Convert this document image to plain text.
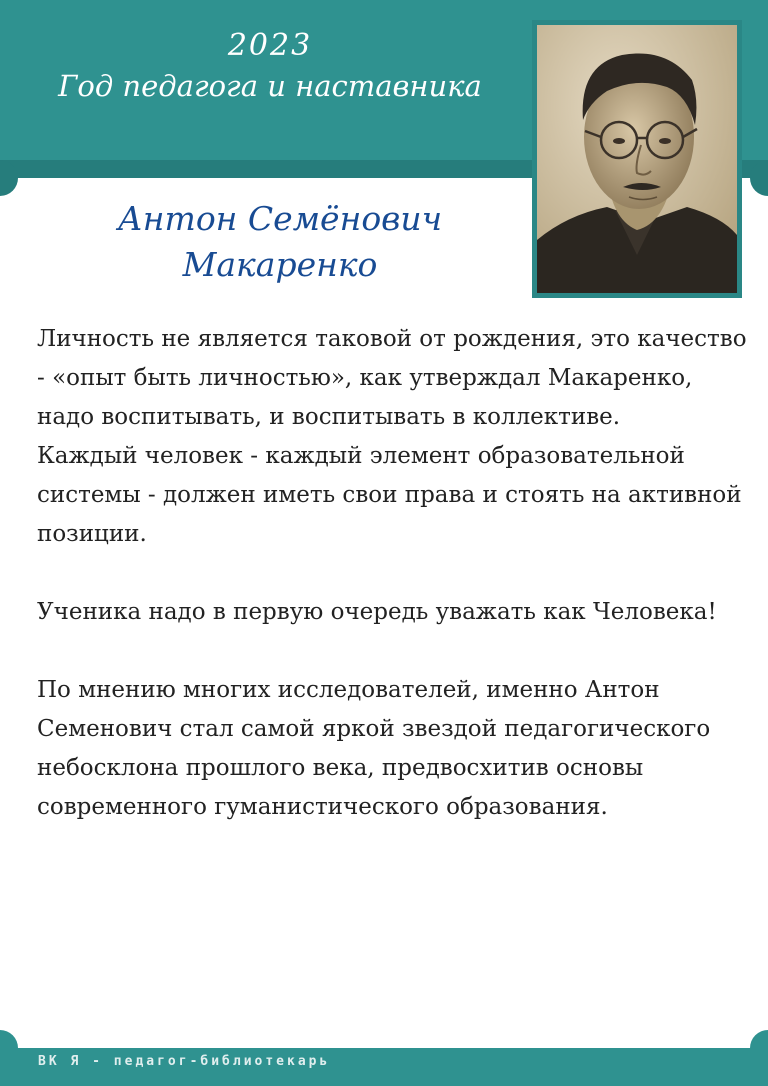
2023
Год педагога и наставника
Антон Семёнович
Макаренко

Личность не является таковой от рождения, это качество - «опыт быть личностью», как утверждал Макаренко, надо воспитывать, и воспитывать в коллективе.

Каждый человек - каждый элемент образовательной системы - должен иметь свои права и стоять на активной позиции.

Ученика надо в первую очередь уважать как Человека!

По мнению многих исследователей, именно Антон Семенович стал самой яркой звездой педагогического небосклона прошлого века, предвосхитив основы современного гуманистического образования.

ВК Я - педагог-библиотекарь
